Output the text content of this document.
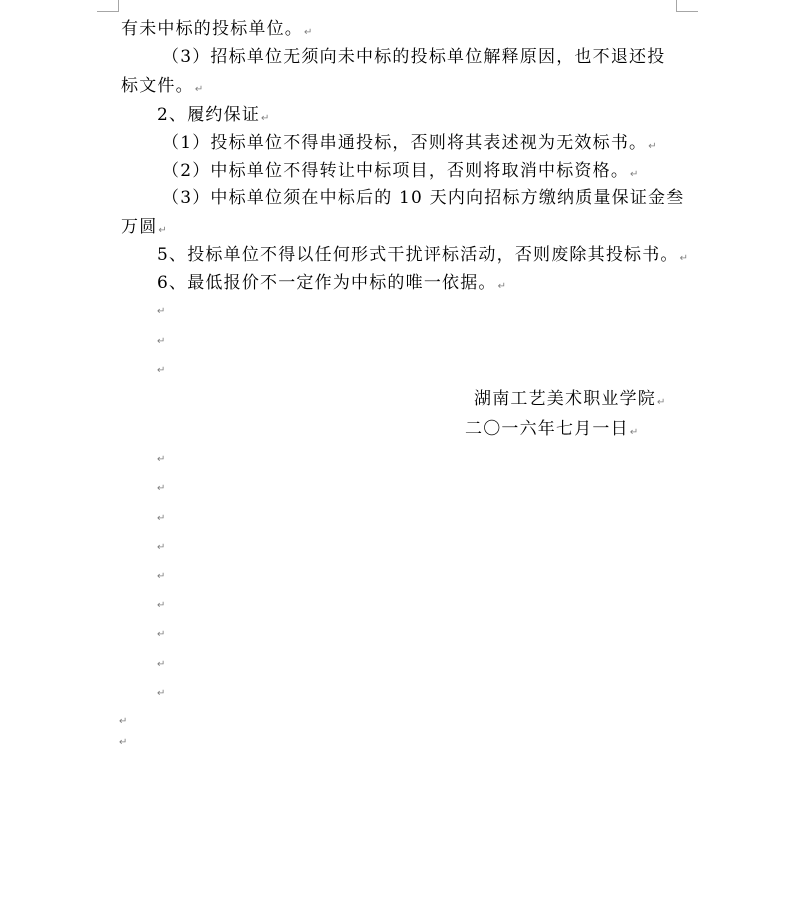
有未中标的投标单位。↵
（3）招标单位无须向未中标的投标单位解释原因，也不退还投
标文件。↵
2、履约保证↵
（1）投标单位不得串通投标，否则将其表述视为无效标书。↵
（2）中标单位不得转让中标项目，否则将取消中标资格。↵
（3）中标单位须在中标后的 10 天内向招标方缴纳质量保证金叁
万圆↵
5、投标单位不得以任何形式干扰评标活动，否则废除其投标书。↵
6、最低报价不一定作为中标的唯一依据。↵
↵
↵
↵
湖南工艺美术职业学院↵
二〇一六年七月一日↵
↵
↵
↵
↵
↵
↵
↵
↵
↵
↵
↵
